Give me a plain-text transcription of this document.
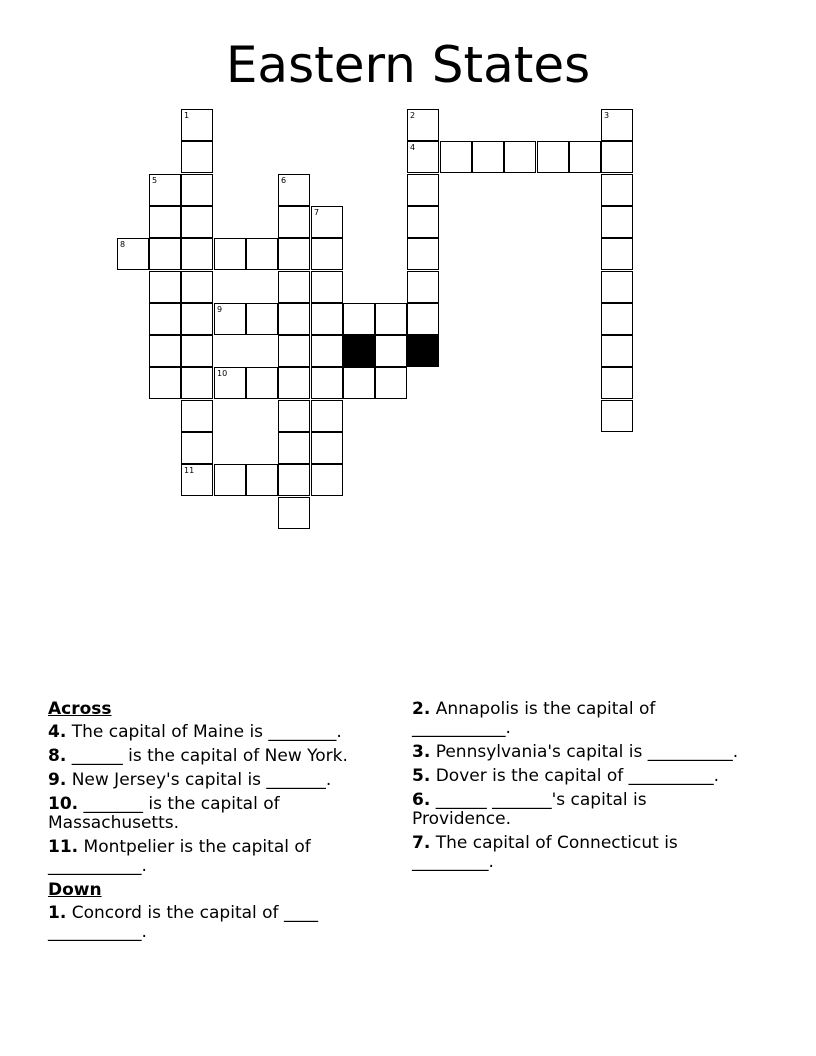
Eastern States
1
5
8
6
7
9
10
11
2
4
3

Across

4. The capital of Maine is ________.

8. ______ is the capital of New York.

9. New Jersey's capital is _______.

10. _______ is the capital of Massachusetts.

11. Montpelier is the capital of ___________.

Down

1. Concord is the capital of ____ ___________.

2. Annapolis is the capital of ___________.

3. Pennsylvania's capital is __________.

5. Dover is the capital of __________.

6. ______ _______'s capital is Providence.

7. The capital of Connecticut is _________.
